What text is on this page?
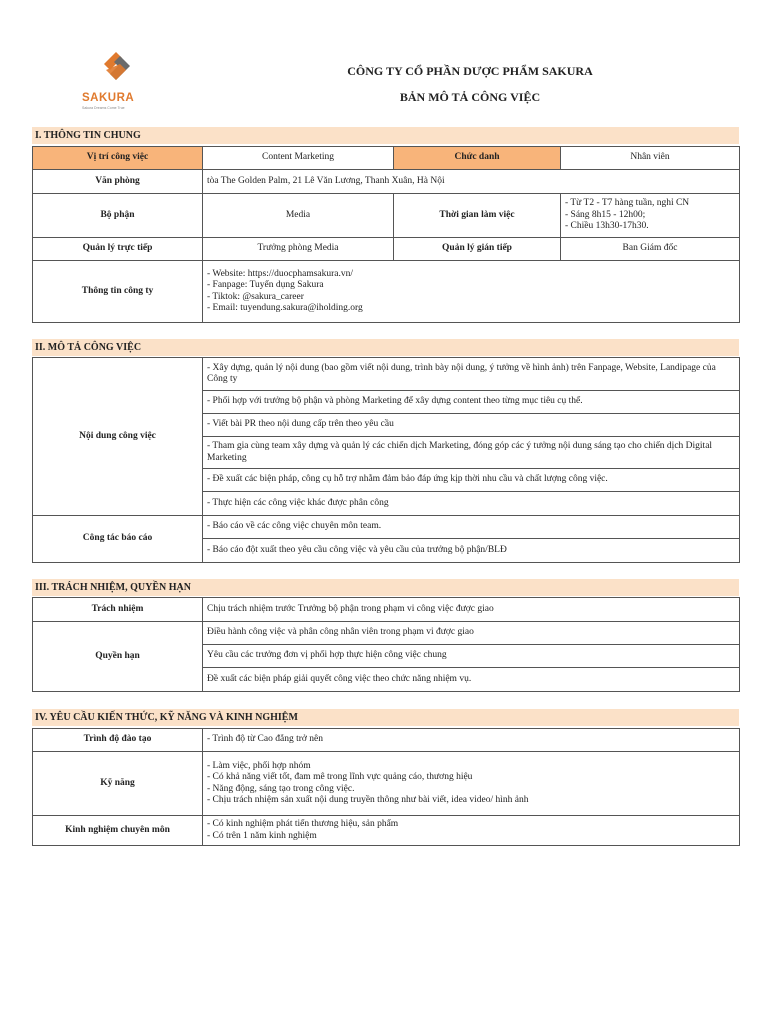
SAKURA
Sakura Dreams Come True
CÔNG TY CỔ PHẦN DƯỢC PHẨM SAKURA
BẢN MÔ TẢ CÔNG VIỆC
I. THÔNG TIN CHUNG
Vị trí công việc	Content Marketing	Chức danh	Nhân viên
Văn phòng	tòa The Golden Palm, 21 Lê Văn Lương, Thanh Xuân, Hà Nội		
Bộ phận	Media	Thời gian làm việc	- Từ T2 - T7 hàng tuần, nghỉ CN
- Sáng 8h15 - 12h00;
- Chiều 13h30-17h30.

Quản lý trực tiếp	Trưởng phòng Media	Quản lý gián tiếp	Ban Giám đốc
Thông tin công ty	- Website: https://duocphamsakura.vn/
- Fanpage: Tuyển dụng Sakura
- Tiktok: @sakura_career
- Email: tuyendung.sakura@iholding.org		
II. MÔ TẢ CÔNG VIỆC
Nội dung công việc	- Xây dựng, quản lý nội dung (bao gồm viết nội dung, trình bày nội dung, ý tưởng về hình ảnh) trên Fanpage, Website, Landipage của Công ty
	- Phối hợp với trưởng bộ phận và phòng Marketing để xây dựng content theo từng mục tiêu cụ thể.
	- Viết bài PR theo nội dung cấp trên theo yêu cầu
	- Tham gia cùng team xây dựng và quản lý các chiến dịch Marketing, đóng góp các ý tưởng nội dung sáng tạo cho chiến dịch Digital Marketing
	- Đề xuất các biện pháp, công cụ hỗ trợ nhằm đảm bảo đáp ứng kịp thời nhu cầu và chất lượng công việc.
	- Thực hiện các công việc khác được phân công
Công tác báo cáo	- Báo cáo về các công việc chuyên môn team.
	- Báo cáo đột xuất theo yêu cầu công việc và yêu cầu của trưởng bộ phận/BLĐ
III. TRÁCH NHIỆM, QUYỀN HẠN
Trách nhiệm	Chịu trách nhiệm trước Trưởng bộ phận trong phạm vi công việc được giao
Quyền hạn	Điều hành công việc và phân công nhân viên trong phạm vi được giao
	Yêu cầu các trưởng đơn vị phối hợp thực hiện công việc chung
	Đề xuất các biện pháp giải quyết công việc theo chức năng nhiệm vụ.
IV. YÊU CẦU KIẾN THỨC, KỸ NĂNG VÀ KINH NGHIỆM
Trình độ đào tạo	- Trình độ từ Cao đẳng trở nên
Kỹ năng	- Làm việc, phối hợp nhóm
- Có khả năng viết tốt, đam mê trong lĩnh vực quảng cáo, thương hiệu
- Năng động, sáng tạo trong công việc.
- Chịu trách nhiệm sản xuất nội dung truyền thông như bài viết, idea video/ hình ảnh

Kinh nghiệm chuyên môn	- Có kinh nghiệm phát tiển thương hiệu, sản phẩm
- Có trên 1 năm kinh nghiệm
